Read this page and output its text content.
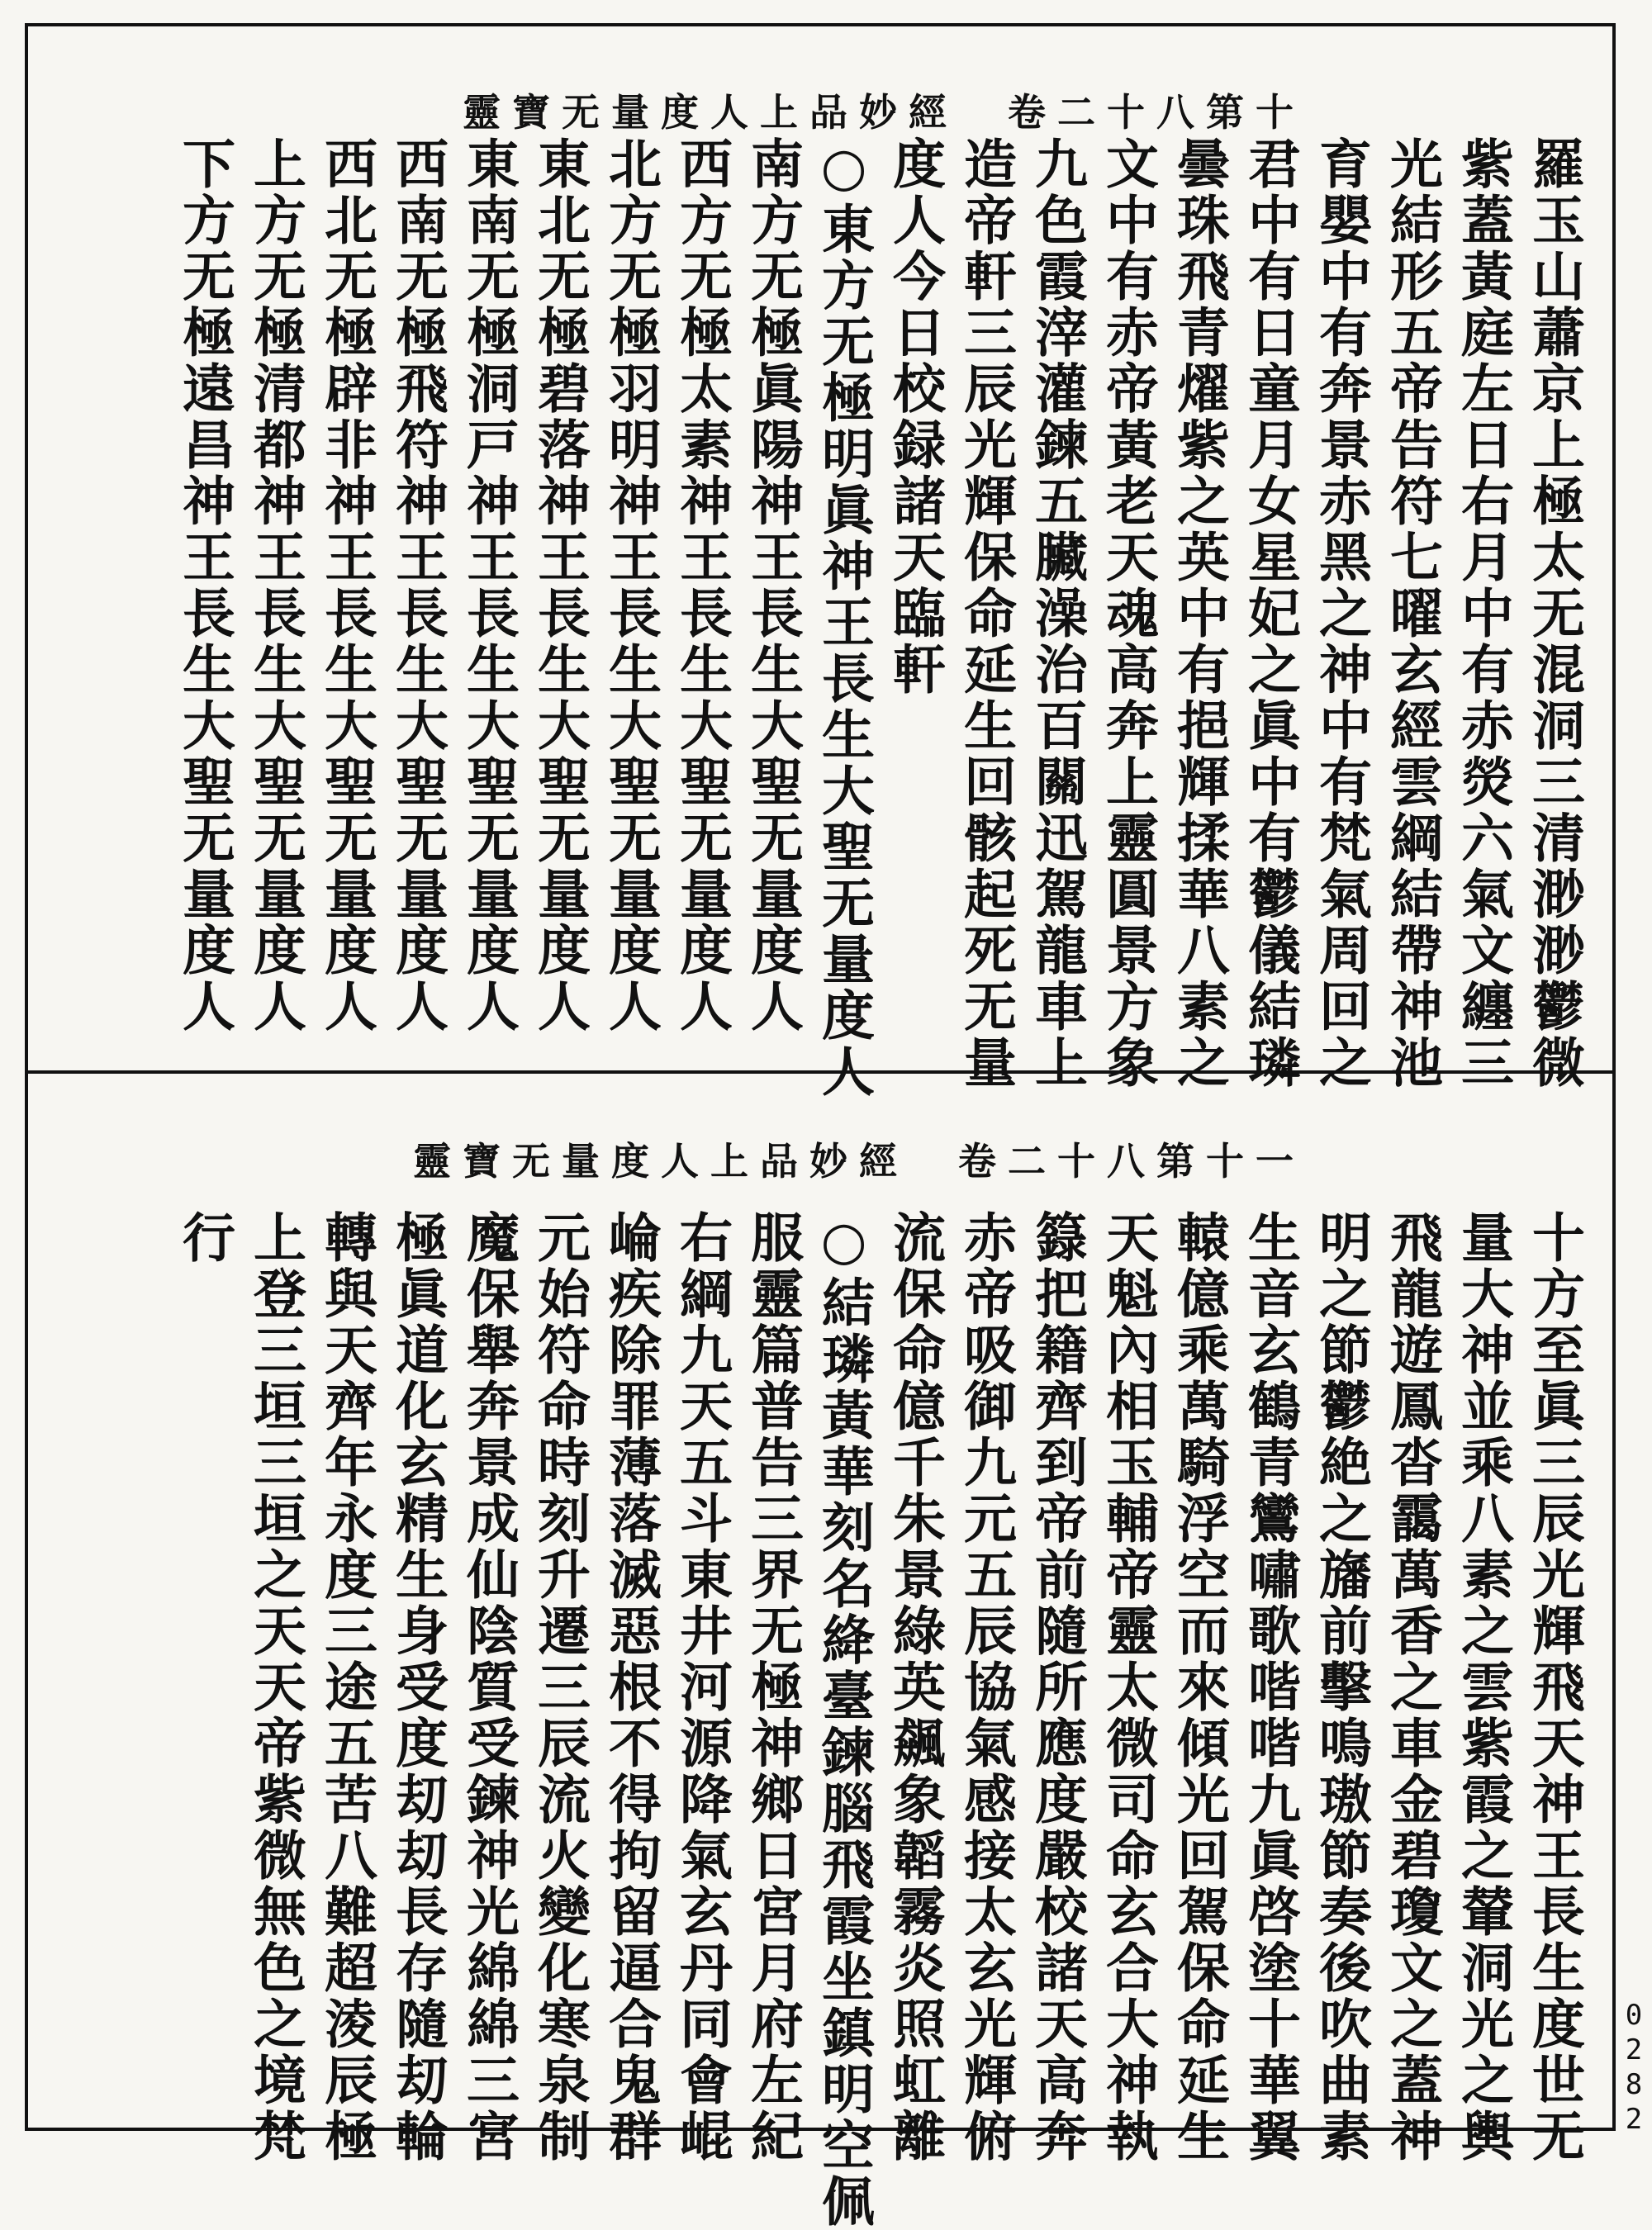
靈寶无量度人上品妙經　卷二十八第十
羅玉山蕭京上極太无混洞三清渺渺鬱微
紫蓋黃庭左日右月中有赤熒六氣文纏三
光結形五帝告符七曜玄經雲綱結帶神池
育嬰中有奔景赤黑之神中有梵氣周回之
君中有日童月女星妃之眞中有鬱儀結璘
曇珠飛青燿紫之英中有挹輝揉華八素之
文中有赤帝黃老天魂高奔上靈圓景方象
九色霞滓灌鍊五臟澡治百關迅駕龍車上
造帝軒三辰光輝保命延生回骸起死无量
度人今日校録諸天臨軒
○東方无極明眞神王長生大聖无量度人
南方无極眞陽神王長生大聖无量度人
西方无極太素神王長生大聖无量度人
北方无極羽明神王長生大聖无量度人
東北无極碧落神王長生大聖无量度人
東南无極洞戸神王長生大聖无量度人
西南无極飛符神王長生大聖无量度人
西北无極辟非神王長生大聖无量度人
上方无極清都神王長生大聖无量度人
下方无極遠昌神王長生大聖无量度人
靈寶无量度人上品妙經　卷二十八第十一
十方至眞三辰光輝飛天神王長生度世无
量大神並乘八素之雲紫霞之輦洞光之輿
飛龍遊鳳沓靄萬香之車金碧瓊文之蓋神
明之節鬱絶之旛前擊鳴璈節奏後吹曲素
生音玄鶴青鸞嘯歌喈喈九眞啓塗十華翼
轅億乘萬騎浮空而來傾光回駕保命延生
天魁內相玉輔帝靈太微司命玄合大神執
籙把籍齊到帝前隨所應度嚴校諸天高奔
赤帝吸御九元五辰協氣感接太玄光輝俯
流保命億千朱景綠英飆象韜霧炎照虹離
○結璘黃華刻名絳臺鍊腦飛霞坐鎮明空佩
服靈篇普告三界无極神鄉日宮月府左紀
右綱九天五斗東井河源降氣玄丹同會崐
崘疾除罪薄落滅惡根不得拘留逼合鬼群
元始符命時刻升遷三辰流火變化寒泉制
魔保舉奔景成仙陰質受鍊神光綿綿三宮
極眞道化玄精生身受度刧刧長存隨刧輪
轉與天齊年永度三途五苦八難超淩辰極
上登三垣三垣之天天帝紫微無色之境梵
行
0282
